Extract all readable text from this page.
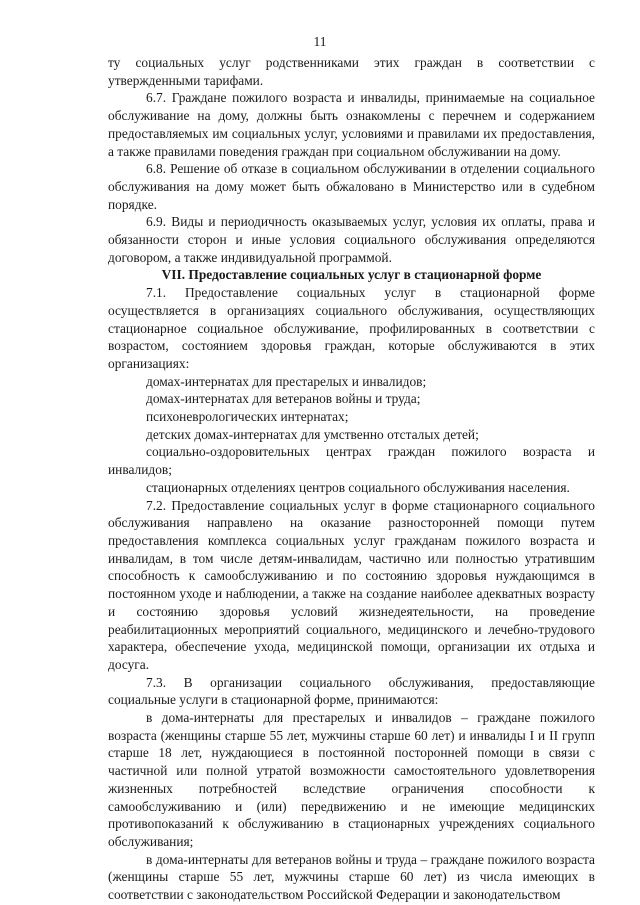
11

ту социальных услуг родственниками этих граждан в соответствии с утвержденными тарифами.

6.7. Граждане пожилого возраста и инвалиды, принимаемые на социальное обслуживание на дому, должны быть ознакомлены с перечнем и содержанием предоставляемых им социальных услуг, условиями и правилами их предоставления, а также правилами поведения граждан при социальном обслуживании на дому.

6.8. Решение об отказе в социальном обслуживании в отделении социального обслуживания на дому может быть обжаловано в Министерство или в судебном порядке.

6.9. Виды и периодичность оказываемых услуг, условия их оплаты, права и обязанности сторон и иные условия социального обслуживания определяются договором, а также индивидуальной программой.

VII. Предоставление социальных услуг в стационарной форме

7.1. Предоставление социальных услуг в стационарной форме осуществляется в организациях социального обслуживания, осуществляющих стационарное социальное обслуживание, профилированных в соответствии с возрастом, состоянием здоровья граждан, которые обслуживаются в этих организациях:

домах-интернатах для престарелых и инвалидов;

домах-интернатах для ветеранов войны и труда;

психоневрологических интернатах;

детских домах-интернатах для умственно отсталых детей;

социально-оздоровительных центрах граждан пожилого возраста и инвалидов;

стационарных отделениях центров социального обслуживания населения.

7.2. Предоставление социальных услуг в форме стационарного социального обслуживания направлено на оказание разносторонней помощи путем предоставления комплекса социальных услуг гражданам пожилого возраста и инвалидам, в том числе детям-инвалидам, частично или полностью утратившим способность к самообслуживанию и по состоянию здоровья нуждающимся в постоянном уходе и наблюдении, а также на создание наиболее адекватных возрасту и состоянию здоровья условий жизнедеятельности, на проведение реабилитационных мероприятий социального, медицинского и лечебно-трудового характера, обеспечение ухода, медицинской помощи, организации их отдыха и досуга.

7.3. В организации социального обслуживания, предоставляющие социальные услуги в стационарной форме, принимаются:

в дома-интернаты для престарелых и инвалидов – граждане пожилого возраста (женщины старше 55 лет, мужчины старше 60 лет) и инвалиды I и II групп старше 18 лет, нуждающиеся в постоянной посторонней помощи в связи с частичной или полной утратой возможности самостоятельного удовлетворения жизненных потребностей вследствие ограничения способности к самообслуживанию и (или) передвижению и не имеющие медицинских противопоказаний к обслуживанию в стационарных учреждениях социального обслуживания;

в дома-интернаты для ветеранов войны и труда – граждане пожилого возраста (женщины старше 55 лет, мужчины старше 60 лет) из числа имеющих в соответствии с законодательством Российской Федерации и законодательством
